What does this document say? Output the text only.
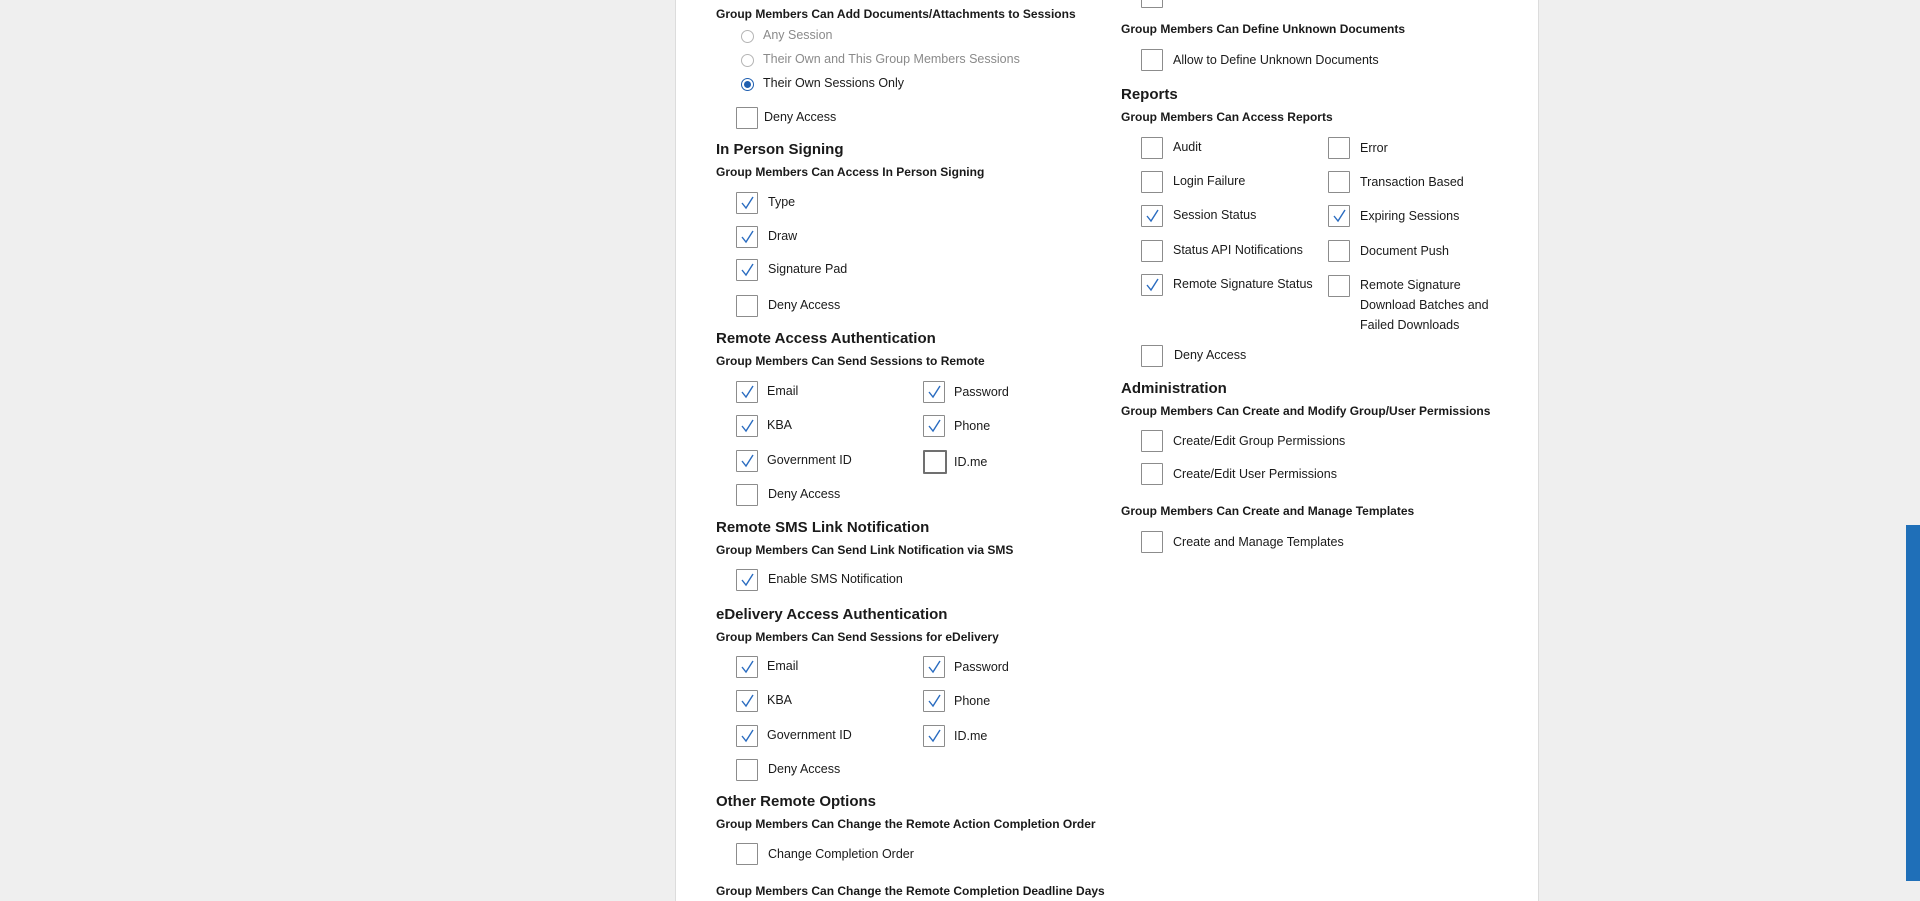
Group Members Can Add Documents/Attachments to Sessions
Any Session
Their Own and This Group Members Sessions
Their Own Sessions Only
Deny Access
In Person Signing
Group Members Can Access In Person Signing
Type
Draw
Signature Pad
Deny Access
Remote Access Authentication
Group Members Can Send Sessions to Remote
Email	Password
KBA	Phone
Government ID	ID.me
Deny Access
Remote SMS Link Notification
Group Members Can Send Link Notification via SMS
Enable SMS Notification
eDelivery Access Authentication
Group Members Can Send Sessions for eDelivery
Email	Password
KBA	Phone
Government ID	ID.me
Deny Access
Other Remote Options
Group Members Can Change the Remote Action Completion Order
Change Completion Order
Group Members Can Change the Remote Completion Deadline Days
Group Members Can Define Unknown Documents
Allow to Define Unknown Documents
Reports
Group Members Can Access Reports
Audit	Error
Login Failure	Transaction Based
Session Status	Expiring Sessions
Status API Notifications	Document Push
Remote Signature Status	Remote Signature Download Batches and Failed Downloads
Deny Access
Administration
Group Members Can Create and Modify Group/User Permissions
Create/Edit Group Permissions
Create/Edit User Permissions
Group Members Can Create and Manage Templates
Create and Manage Templates
